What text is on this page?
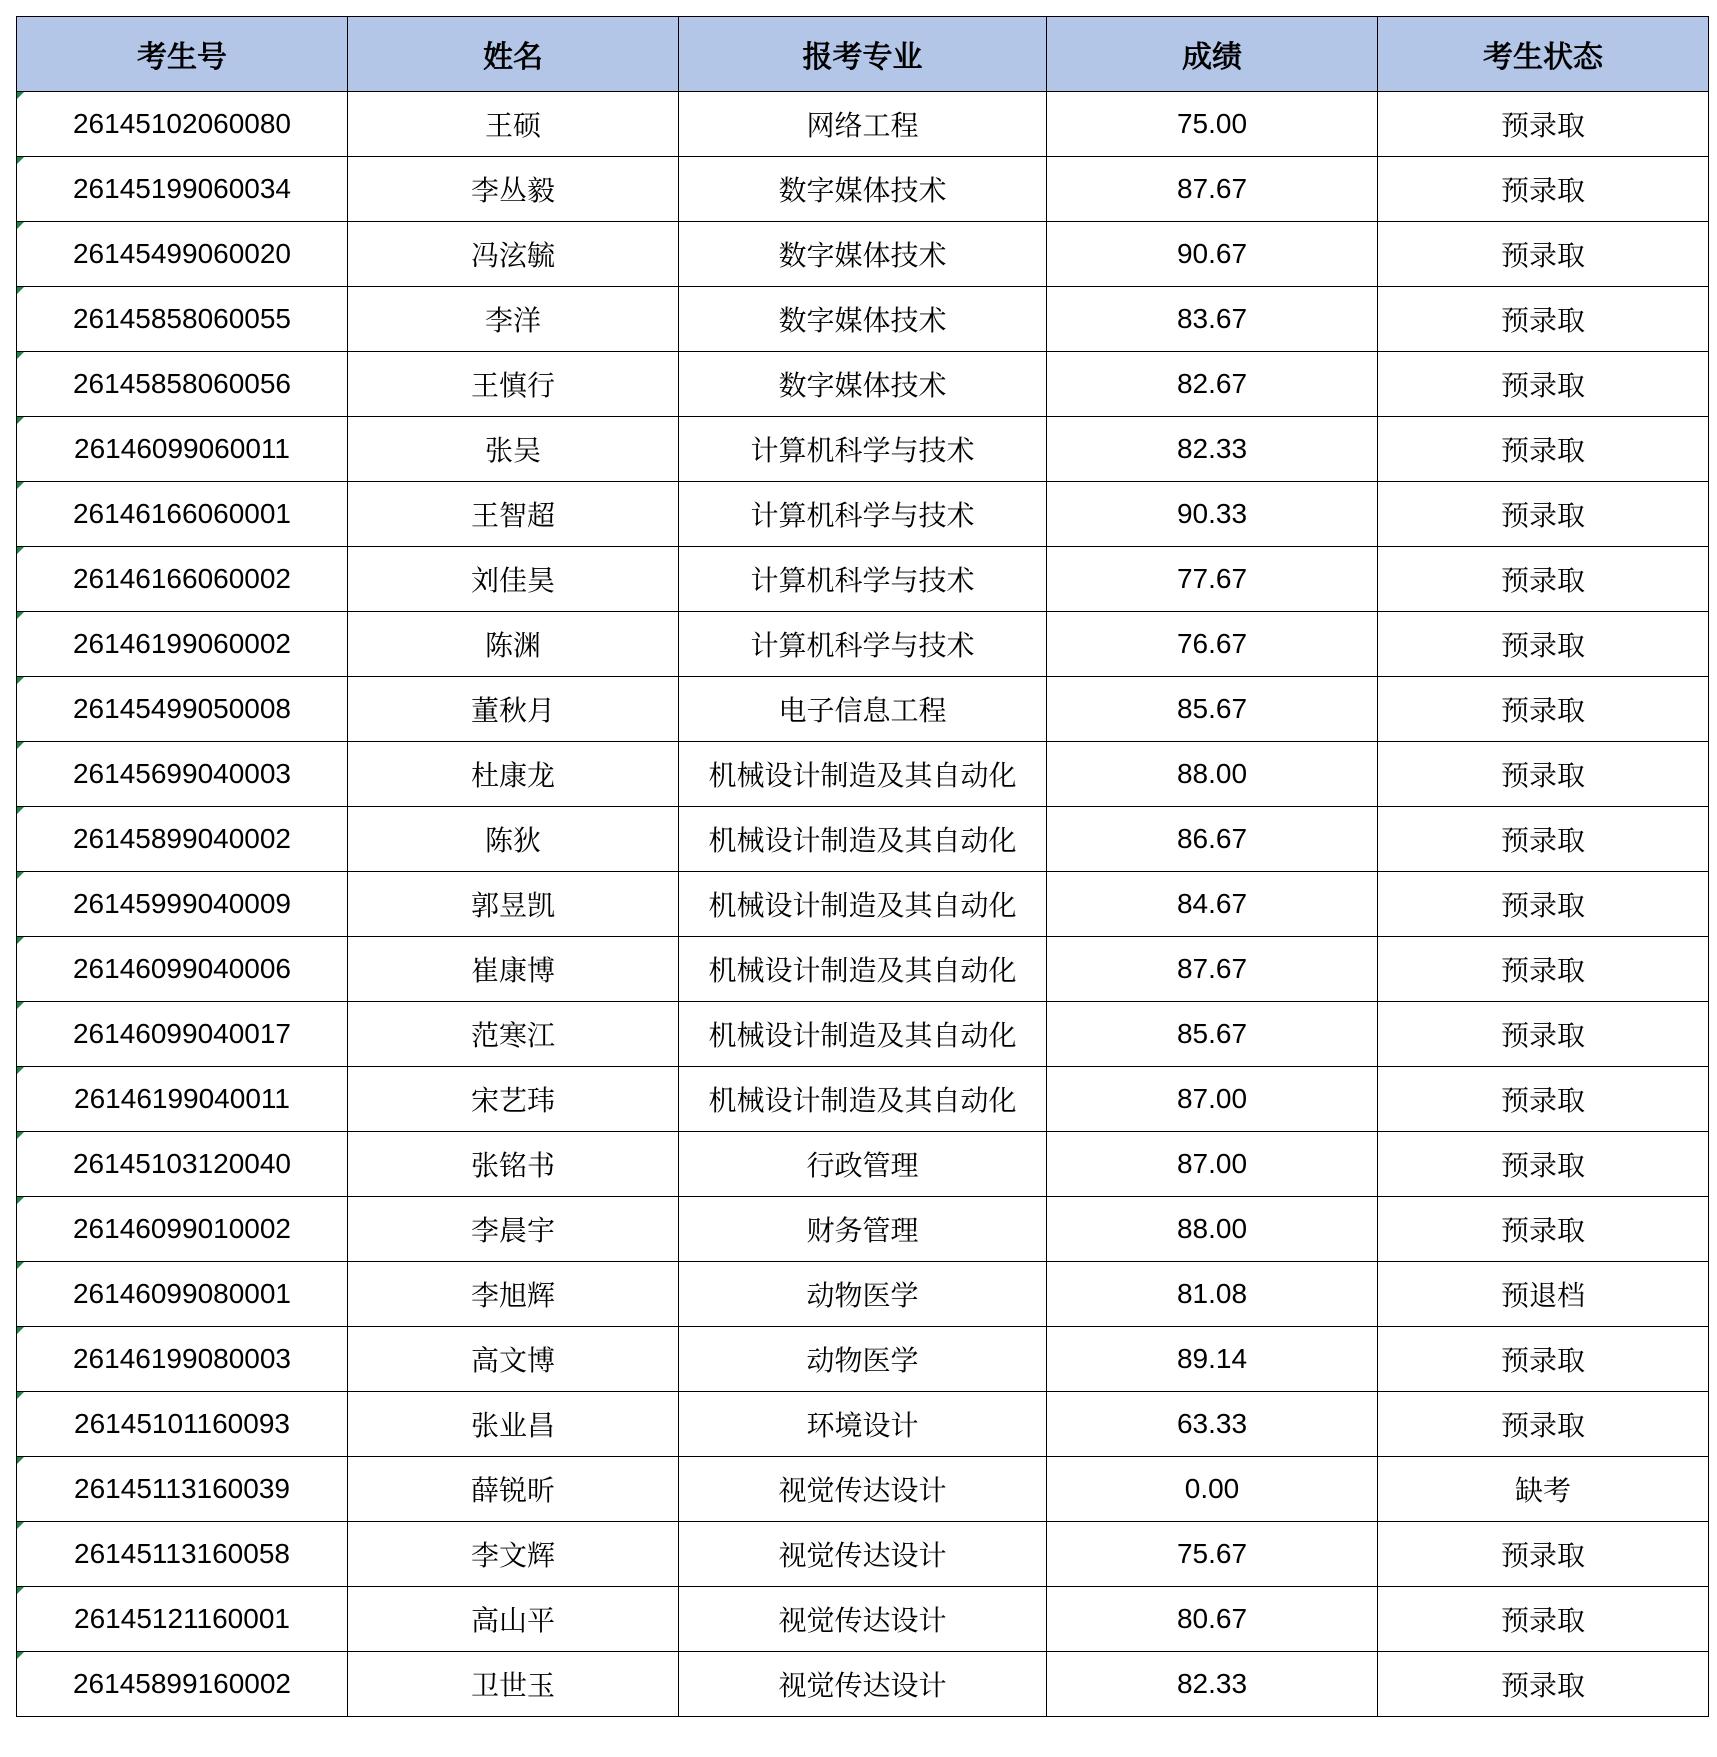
考生号	姓名	报考专业	成绩	考生状态

26145102060080	王硕	网络工程	75.00	预录取

26145199060034	李丛毅	数字媒体技术	87.67	预录取

26145499060020	冯泫毓	数字媒体技术	90.67	预录取

26145858060055	李洋	数字媒体技术	83.67	预录取

26145858060056	王慎行	数字媒体技术	82.67	预录取

26146099060011	张吴	计算机科学与技术	82.33	预录取

26146166060001	王智超	计算机科学与技术	90.33	预录取

26146166060002	刘佳昊	计算机科学与技术	77.67	预录取

26146199060002	陈渊	计算机科学与技术	76.67	预录取

26145499050008	董秋月	电子信息工程	85.67	预录取

26145699040003	杜康龙	机械设计制造及其自动化	88.00	预录取

26145899040002	陈狄	机械设计制造及其自动化	86.67	预录取

26145999040009	郭昱凯	机械设计制造及其自动化	84.67	预录取

26146099040006	崔康博	机械设计制造及其自动化	87.67	预录取

26146099040017	范寒江	机械设计制造及其自动化	85.67	预录取

26146199040011	宋艺玮	机械设计制造及其自动化	87.00	预录取

26145103120040	张铭书	行政管理	87.00	预录取

26146099010002	李晨宇	财务管理	88.00	预录取

26146099080001	李旭辉	动物医学	81.08	预退档

26146199080003	高文博	动物医学	89.14	预录取

26145101160093	张业昌	环境设计	63.33	预录取

26145113160039	薛锐昕	视觉传达设计	0.00	缺考

26145113160058	李文辉	视觉传达设计	75.67	预录取

26145121160001	高山平	视觉传达设计	80.67	预录取

26145899160002	卫世玉	视觉传达设计	82.33	预录取
